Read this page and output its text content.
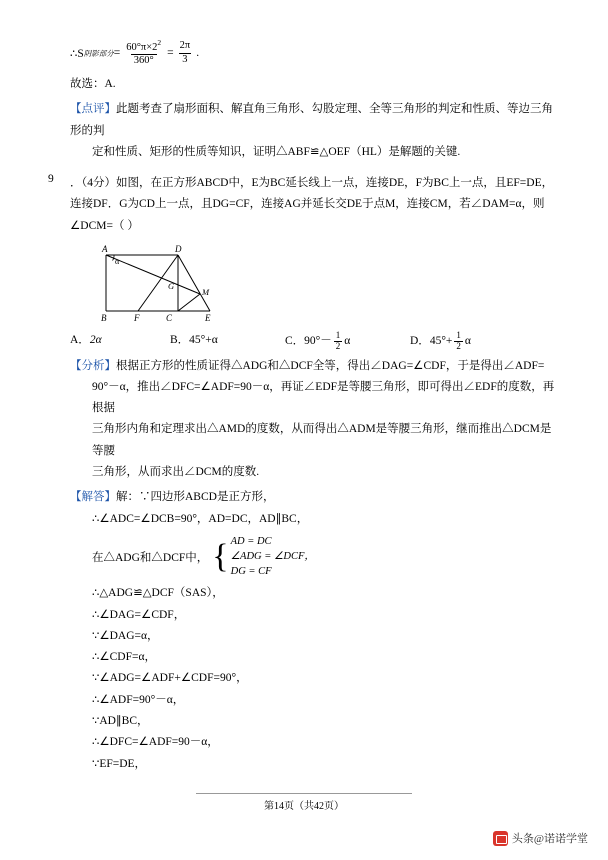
∴S 阴影部分 = $\frac{60^\circ\pi\times 2^2}{360^\circ} = \frac{2\pi}{3}$ .
故选：A.
【点评】此题考查了扇形面积、解直角三角形、勾股定理、全等三角形的判定和性质、等边三角形的判
定和性质、矩形的性质等知识，证明△ABF≌△OEF（HL）是解题的关键.
9	．（4分）如图，在正方形ABCD中，E为BC延长线上一点，连接DE，F为BC上一点，且EF=DE，
连接DF．G为CD上一点，且DG=CF，连接AG并延长交DE于点M，连接CM，若∠DAM=α，则
∠DCM=（ ）
A	D
α
G
M
B	F	C	E
A．2α	B．45°+α	C．$90^\circ- \frac{1}{2}$ α	D．$45^\circ+ \frac{1}{2}$ α
【分析】根据正方形的性质证得△ADG和△DCF全等，得出∠DAG=∠CDF，于是得出∠ADF=
90°－α，推出∠DFC=∠ADF=90－α，再证∠EDF是等腰三角形，即可得出∠EDF的度数，再根据
三角形内角和定理求出△AMD的度数，从而得出△ADM是等腰三角形，继而推出△DCM是等腰
三角形，从而求出∠DCM的度数.
【解答】解：∵四边形ABCD是正方形，
∴∠ADC=∠DCB=90°，AD=DC，AD∥BC，
在△ADG和△DCF中， { AD = DC
∠ADG = ∠DCF，
DG = CF
∴△ADG≌△DCF（SAS），
∴∠DAG=∠CDF，
∵∠DAG=α，
∴∠CDF=α，
∵∠ADG=∠ADF+∠CDF=90°，
∴∠ADF=90°－α，
∵AD∥BC，
∴∠DFC=∠ADF=90－α，
∵EF=DE，
第14页（共42页）
头条@诺诺学堂
